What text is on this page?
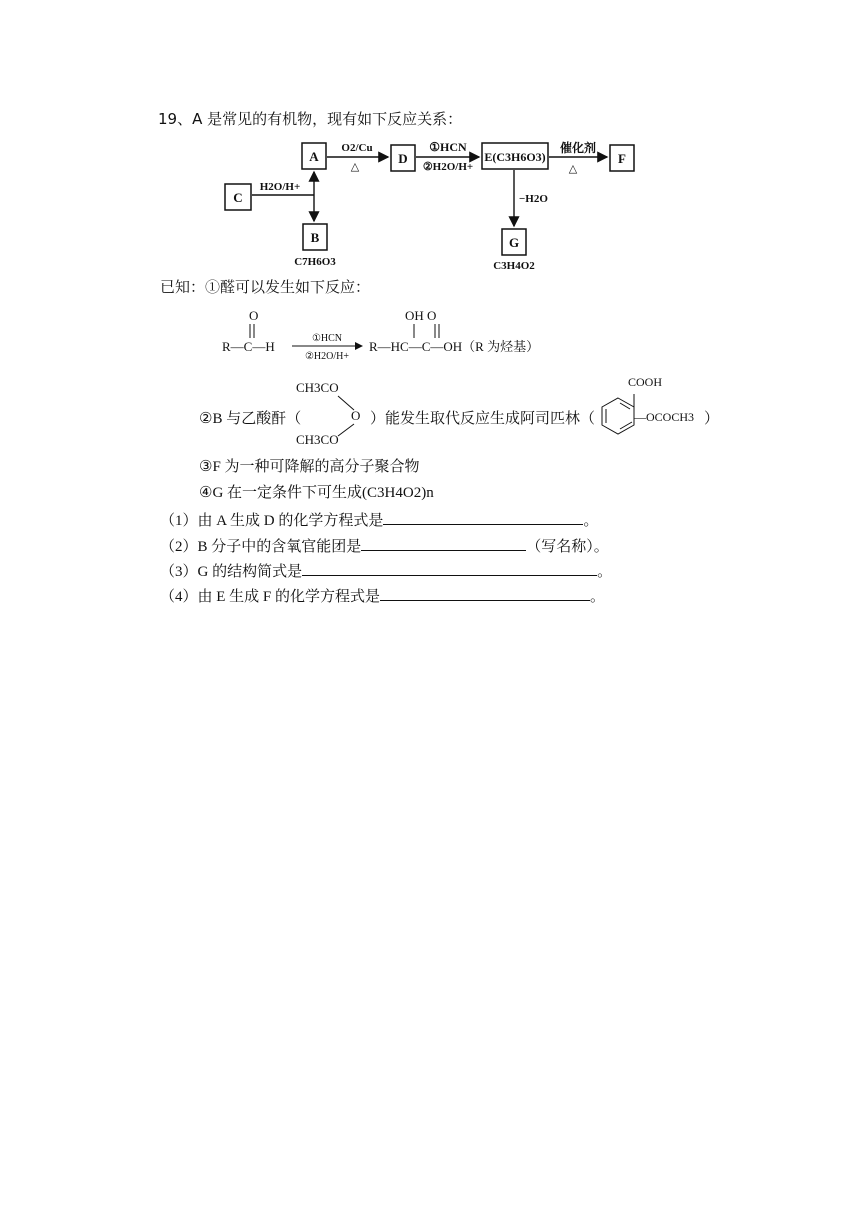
19、A 是常见的有机物，现有如下反应关系：
A	D	E(C3H6O3)	F
C
B	G
O2/Cu
△
①HCN
②H2O/H+
催化剂
△
H2O/H+
−H2O
C7H6O3	C3H4O2
已知：①醛可以发生如下反应：
O
R—C—H
①HCN
②H2O/H+
OH O
R—HC—C—OH（R 为烃基）
②B 与乙酸酐（
CH3CO
O
CH3CO
）能发生取代反应生成阿司匹林（
COOH
—OCOCH3 ）
③F 为一种可降解的高分子聚合物
④G 在一定条件下可生成(C3H4O2)n
（1）由 A 生成 D 的化学方程式是	。
（2）B 分子中的含氧官能团是	（写名称）。
（3）G 的结构简式是	。
（4）由 E 生成 F 的化学方程式是	。
